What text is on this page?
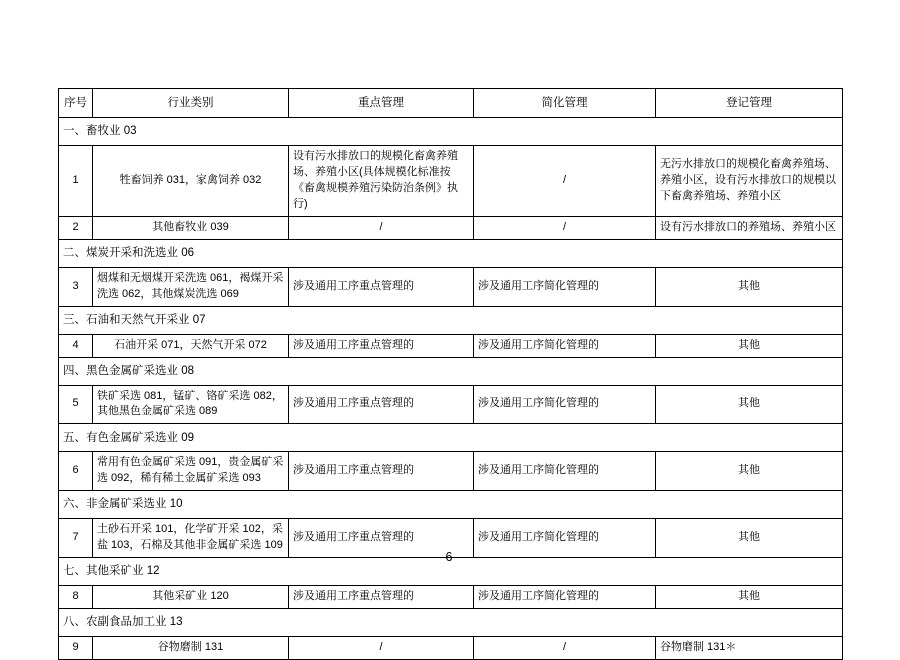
序号	行业类别	重点管理	简化管理	登记管理
一、畜牧业 03				
1	牲畜饲养 031，家禽饲养 032	设有污水排放口的规模化畜禽养殖场、养殖小区(具体规模化标准按《畜禽规模养殖污染防治条例》执行)	/	无污水排放口的规模化畜禽养殖场、养殖小区，设有污水排放口的规模以下畜禽养殖场、养殖小区
2	其他畜牧业 039	/	/	设有污水排放口的养殖场、养殖小区
二、煤炭开采和洗选业 06				
3	烟煤和无烟煤开采洗选 061，褐煤开采洗选 062，其他煤炭洗选 069	涉及通用工序重点管理的	涉及通用工序简化管理的	其他
三、石油和天然气开采业 07				
4	石油开采 071，天然气开采 072	涉及通用工序重点管理的	涉及通用工序简化管理的	其他
四、黑色金属矿采选业 08				
5	铁矿采选 081，锰矿、铬矿采选 082，其他黑色金属矿采选 089	涉及通用工序重点管理的	涉及通用工序简化管理的	其他
五、有色金属矿采选业 09				
6	常用有色金属矿采选 091，贵金属矿采选 092，稀有稀土金属矿采选 093	涉及通用工序重点管理的	涉及通用工序简化管理的	其他
六、非金属矿采选业 10				
7	土砂石开采 101，化学矿开采 102，采盐 103，石棉及其他非金属矿采选 109	涉及通用工序重点管理的	涉及通用工序简化管理的	其他
七、其他采矿业 12				
8	其他采矿业 120	涉及通用工序重点管理的	涉及通用工序简化管理的	其他
八、农副食品加工业 13				
9	谷物磨制 131	/	/	谷物磨制 131＊
— 6 —
